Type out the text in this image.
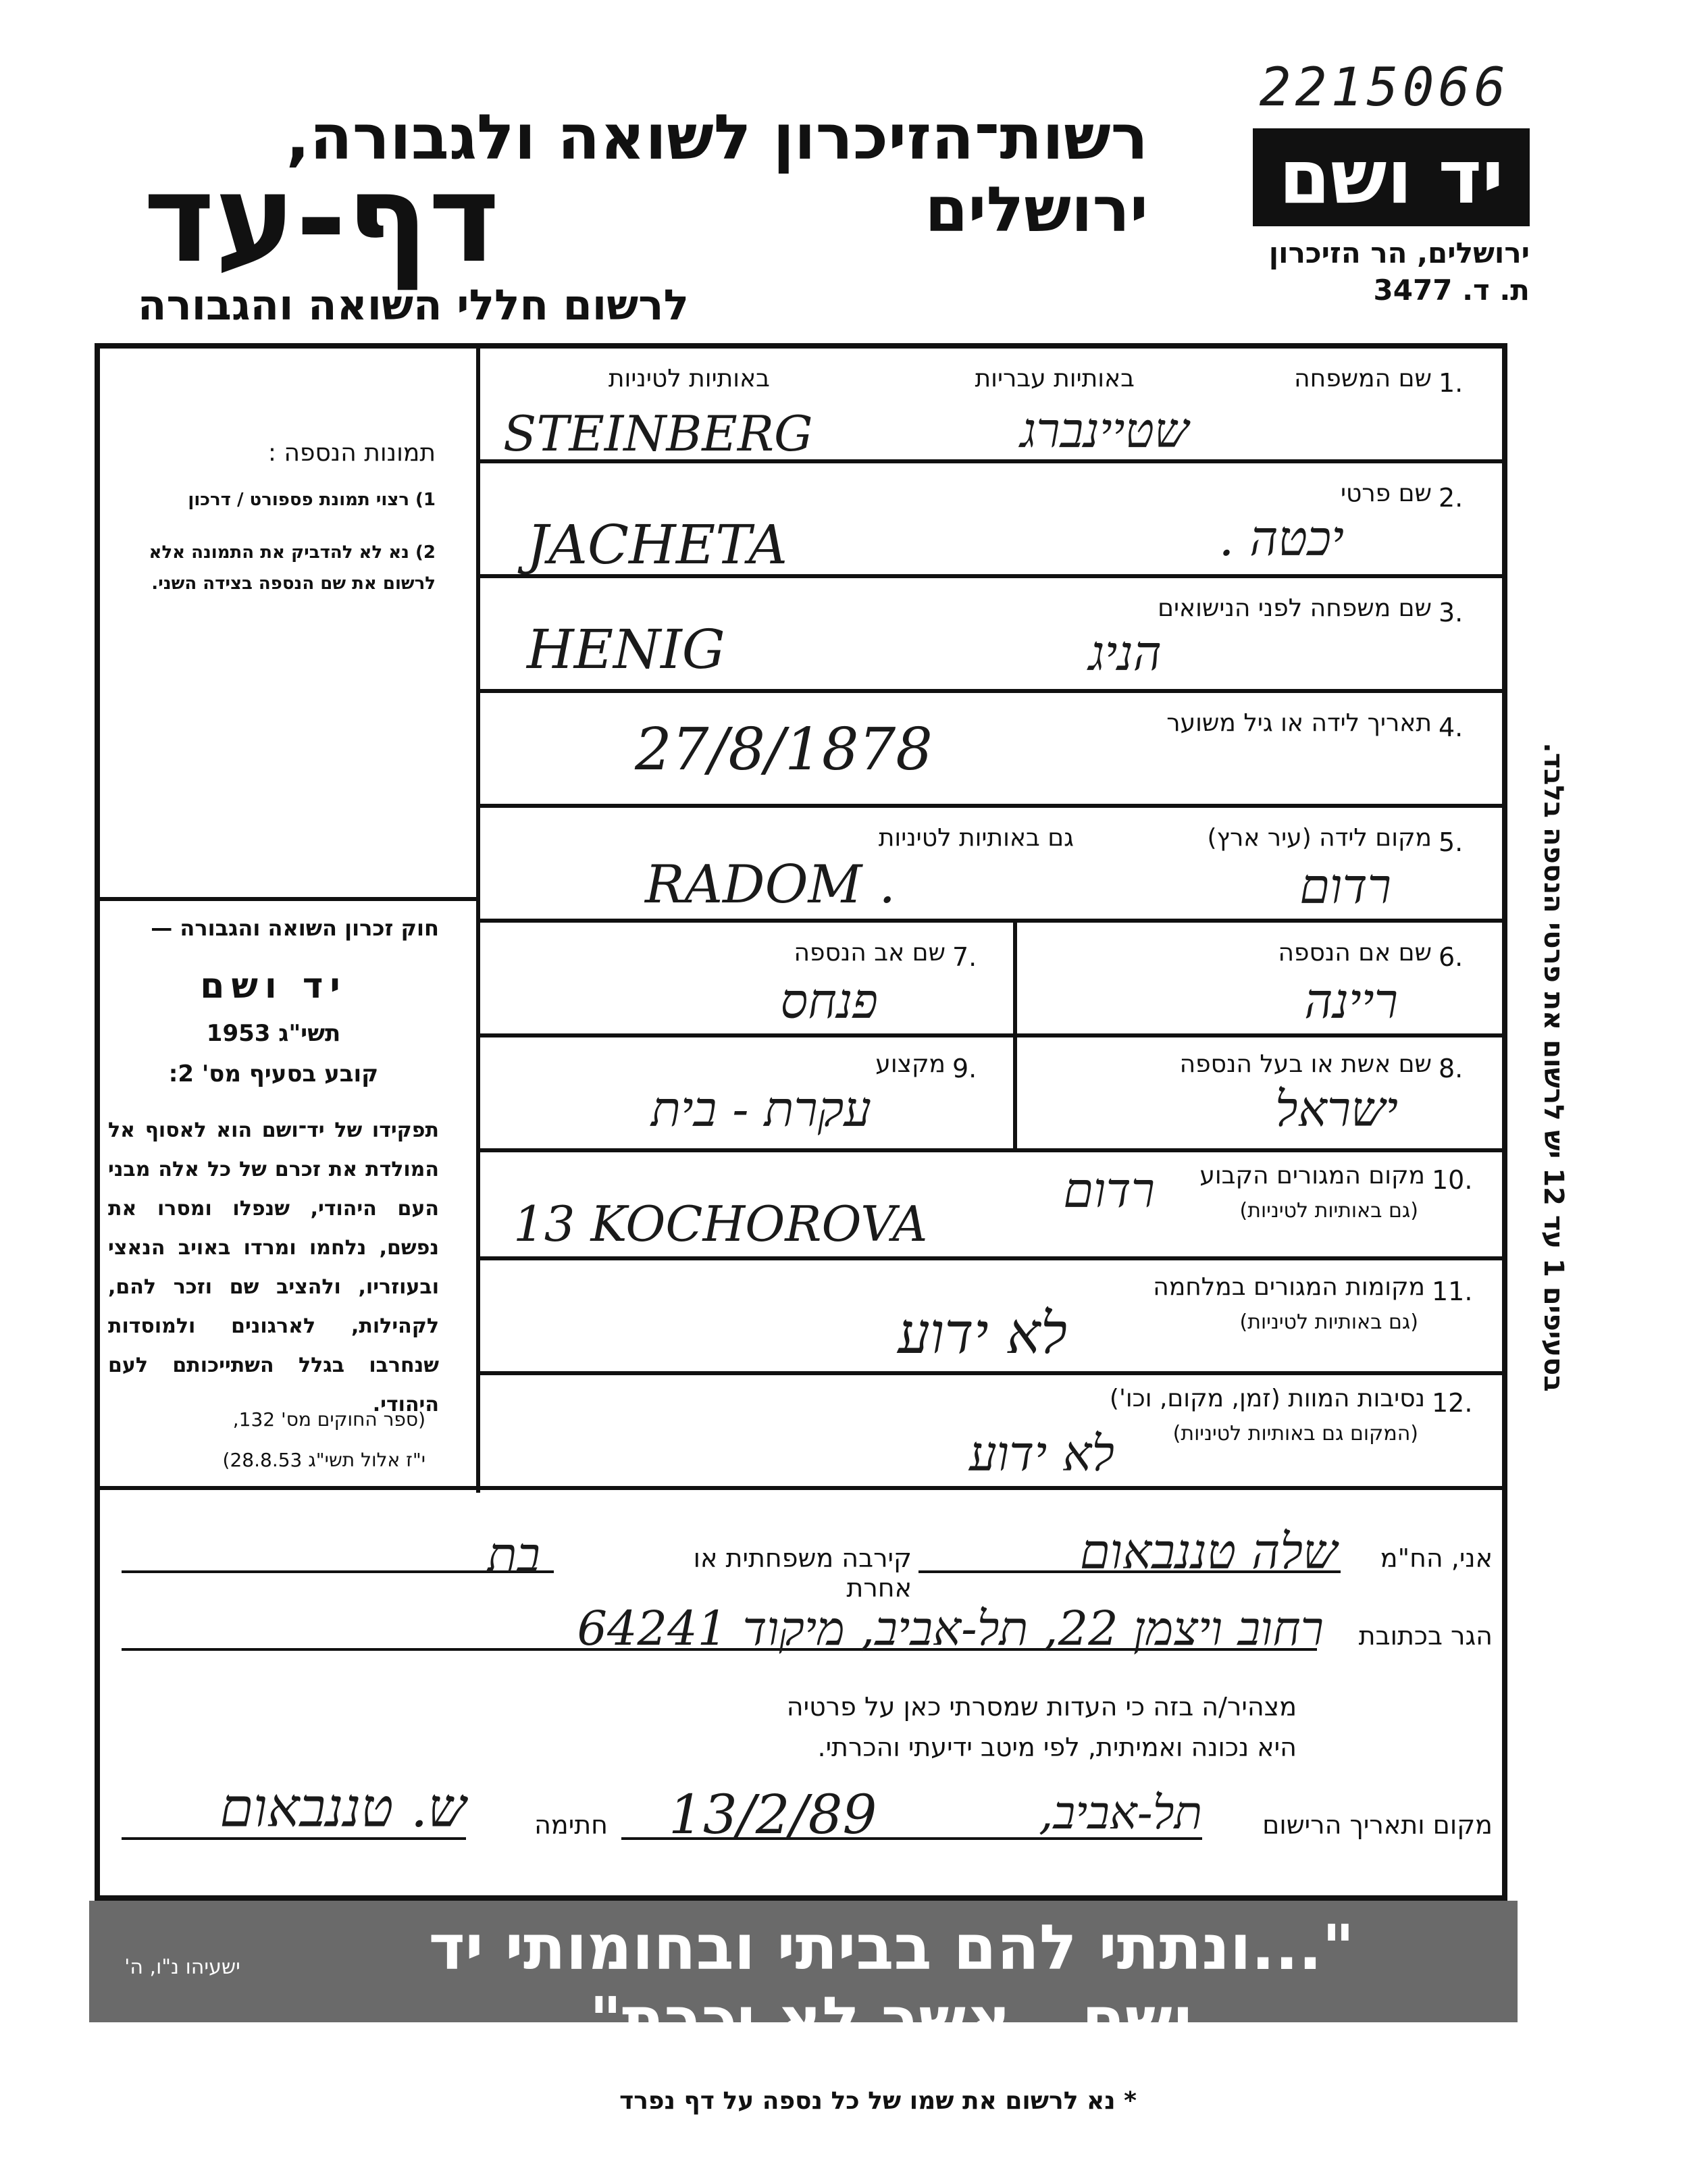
2215066
רשות־הזיכרון לשואה ולגבורה, ירושלים
דף-עד
לרשום חללי השואה והגבורה
יד ושם
ירושלים, הר הזיכרון
ת. ד. 3477
תמונות הנספה :
1) רצוי תמונת פספורט / דרכון
2) נא לא להדביק את התמונה אלא לרשום את שם הנספה בצידה השני.
חוק זכרון השואה והגבורה —
יד ושם
תשי"ג 1953
קובע בסעיף מס' 2:
תפקידו של יד־ושם הוא לאסוף אל המולדת את זכרם של כל אלה מבני העם היהודי, שנפלו ומסרו את נפשם, נלחמו ומרדו באויב הנאצי ובעוזריו, ולהציב שם וזכר להם, לקהילות, לארגונים ולמוסדות שנחרבו בגלל השתייכותם לעם היהודי.
(ספר החוקים מס' 132,
י"ז אלול תשי"ג 28.8.53)
1.
שם המשפחה
באותיות עבריות
באותיות לטיניות
STEINBERG	שטיינברג
2.
שם פרטי
JACHETA	יכטה .
3.
שם משפחה לפני הנישואים
HENIG	הניג
4.
תאריך לידה או גיל משוער
27/8/1878
5.
מקום לידה (עיר ארץ)
גם באותיות לטיניות
RADOM .	רדום
6.
שם אם הנספה
ריינה
7.
שם אב הנספה
פנחס
8.
שם אשת או בעל הנספה
ישראל
9.
מקצוע
עקרת - בית
10.
מקום המגורים הקבוע
(גם באותיות לטיניות)
13 KOCHOROVA
רדום
11.
מקומות המגורים במלחמה
(גם באותיות לטיניות)
לא ידוע
12.
נסיבות המוות (זמן, מקום, וכו')
(המקום גם באותיות לטיניות)
לא ידוע
אני, הח"מ
שלה טננבאום
קירבה משפחתית או אחרת
בת
הגר בכתובת
רחוב ויצמן 22, תל-אביב, מיקוד 64241
מצהיר/ה בזה כי העדות שמסרתי כאן על פרטיה
היא נכונה ואמיתית, לפי מיטב ידיעתי והכרתי.
מקום ותאריך הרישום
תל-אביב,
13/2/89
חתימה
ש. טננבאום
"...ונתתי להם בביתי ובחומותי יד ושם...אשר לא יכרת"
ישעיהו נ"ו, ה'
* נא לרשום את שמו של כל נספה על דף נפרד
בסעיפים 1 עד 12 יש לרשום את פרטי הנספה בלבד.
